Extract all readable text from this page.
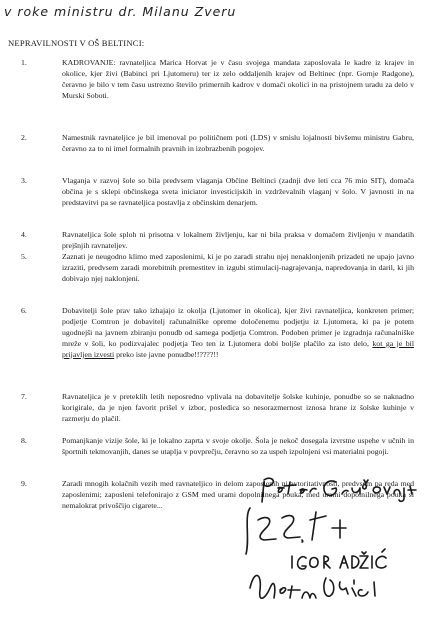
v roke ministru dr. Milanu Zveru
NEPRAVILNOSTI V OŠ BELTINCI:
1.	KADROVANJE: ravnateljica Marica Horvat je v času svojega mandata zaposlovala le kadre iz krajev in okolice, kjer živi (Babinci pri Ljutomeru) ter iz zelo oddaljenih krajev od Beltinec (npr. Gornje Radgone), čeravno je bilo v tem času ustrezno število primernih kadrov v domači okolici in na pristojnem uradu za delo v Murski Soboti.
2.	Namestnik ravnateljice je bil imenoval po političnem poti (LDS) v smislu lojalnosti bivšemu ministru Gabru, čeravno za to ni imel formalnih pravnih in izobrazbenih pogojev.
3.	Vlaganja v razvoj šole so bila predvsem vlaganja Občine Beltinci (zadnji dve leti cca 76 mio SIT), domača občina je s sklepi občinskega sveta iniciator investicijskih in vzdrževalnih vlaganj v šolo. V javnosti in na predstavitvi pa se ravnateljica postavlja z občinskim denarjem.
4.	Ravnateljica šole sploh ni prisotna v lokalnem življenju, kar ni bila praksa v domačem življenju v mandatih prejšnjih ravnateljev.
5.	Zaznati je neugodno klimo med zaposlenimi, ki je po zaradi strahu njej nenaklonjenih prizadeti ne upajo javno izraziti, predvsem zaradi morebitnih premestitev in izgubi stimulacij-nagrajevanja, napredovanja in daril, ki jih dobivajo njej naklonjeni.
6.	Dobavitelji šole prav tako izhajajo iz okolja (Ljutomer in okolica), kjer živi ravnateljica, konkreten primer; podjetje Comtron je dobavitelj računalniške opreme določenemu podjetju iz Ljutomera, ki pa je potem ugodnejši na javnem zbiranju ponudb od samega podjetja Comtron. Podoben primer je izgradnja računalniške mreže v šoli, ko podizvajalec podjetja Teo ten iz Ljutomera dobi boljše plačilo za isto delo, kot ga je bil prijavljen izvesti preko iste javne ponudbe!!????!!
7.	Ravnateljica je v preteklih letih neposredno vplivala na dobavitelje šolske kuhinje, ponudbe so se naknadno korigirale, da je njen favorit prišel v izbor, posledica so nesorazmernost iznosa hrane iz šolske kuhinje v razmerju do plačil.
8.	Pomanjkanje vizije šole, ki je lokalno zaprta v svoje okolje. Šola je nekoč dosegala izvrstne uspehe v učnih in športnih tekmovanjih, danes se utaplja v povprečju, čeravno so za uspeh izpolnjeni vsi materialni pogoji.
9.	Zaradi mnogih kolačnih vezih med ravnateljico in delom zaposlenih ni avtoritativnosti, predvsem pa reda med zaposlenimi; zaposleni telefonirajo z GSM med urami dopolnilnega pouka, med urami dopolnilnega pouka si nemalokrat privoščijo cigarete...
